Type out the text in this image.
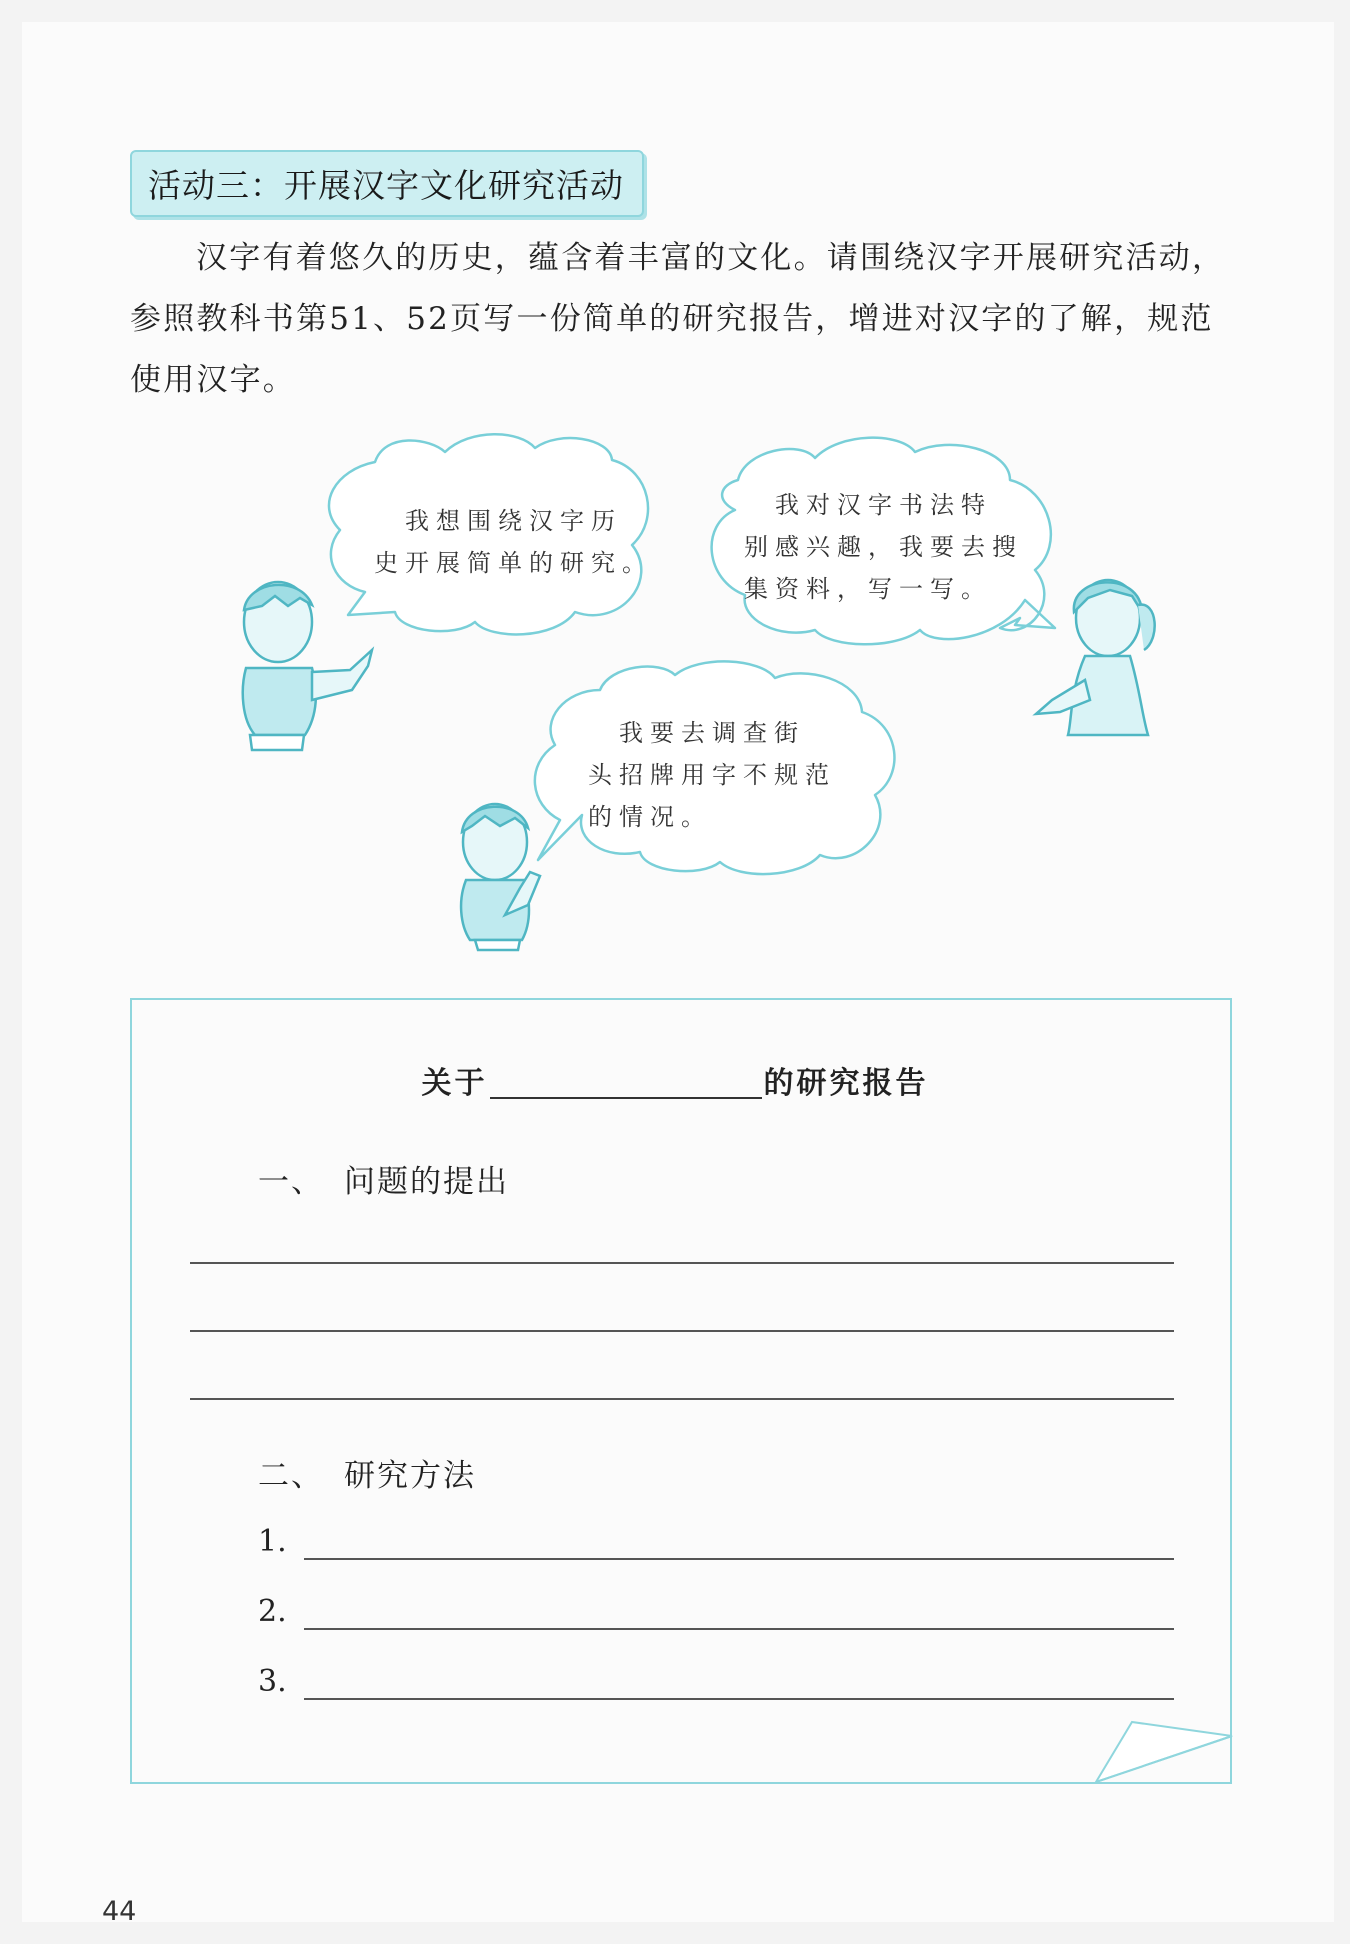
活动三：开展汉字文化研究活动

汉字有着悠久的历史，蕴含着丰富的文化。请围绕汉字开展研究活动，参照教科书第51、52页写一份简单的研究报告，增进对汉字的了解，规范使用汉字。

　我想围绕汉字历
史开展简单的研究。
　我对汉字书法特
别感兴趣，我要去搜
集资料，写一写。
　我要去调查街
头招牌用字不规范
的情况。
关于	的研究报告
一、 问题的提出
二、 研究方法
1.
2.
3.
44
